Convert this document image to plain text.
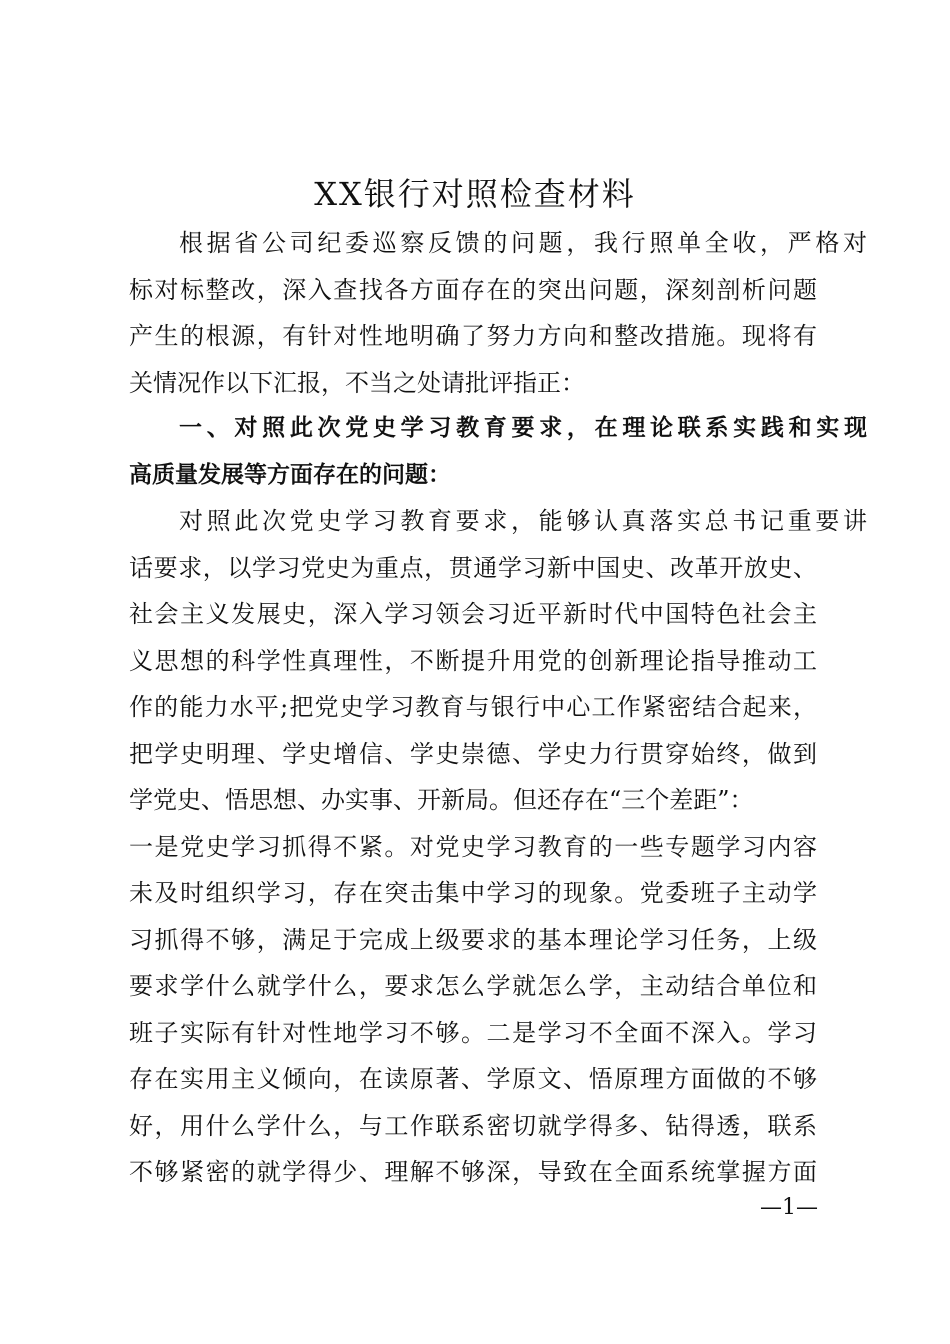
XX银行对照检查材料
根据省公司纪委巡察反馈的问题，我行照单全收，严格对
标对标整改，深入查找各方面存在的突出问题，深刻剖析问题
产生的根源，有针对性地明确了努力方向和整改措施。现将有
关情况作以下汇报，不当之处请批评指正：
一、对照此次党史学习教育要求，在理论联系实践和实现
高质量发展等方面存在的问题：
对照此次党史学习教育要求，能够认真落实总书记重要讲
话要求，以学习党史为重点，贯通学习新中国史、改革开放史、
社会主义发展史，深入学习领会习近平新时代中国特色社会主
义思想的科学性真理性，不断提升用党的创新理论指导推动工
作的能力水平;把党史学习教育与银行中心工作紧密结合起来，
把学史明理、学史增信、学史崇德、学史力行贯穿始终，做到
学党史、悟思想、办实事、开新局。但还存在“三个差距”：
一是党史学习抓得不紧。对党史学习教育的一些专题学习内容
未及时组织学习，存在突击集中学习的现象。党委班子主动学
习抓得不够，满足于完成上级要求的基本理论学习任务，上级
要求学什么就学什么，要求怎么学就怎么学，主动结合单位和
班子实际有针对性地学习不够。二是学习不全面不深入。学习
存在实用主义倾向，在读原著、学原文、悟原理方面做的不够
好，用什么学什么，与工作联系密切就学得多、钻得透，联系
不够紧密的就学得少、理解不够深，导致在全面系统掌握方面
—1—
